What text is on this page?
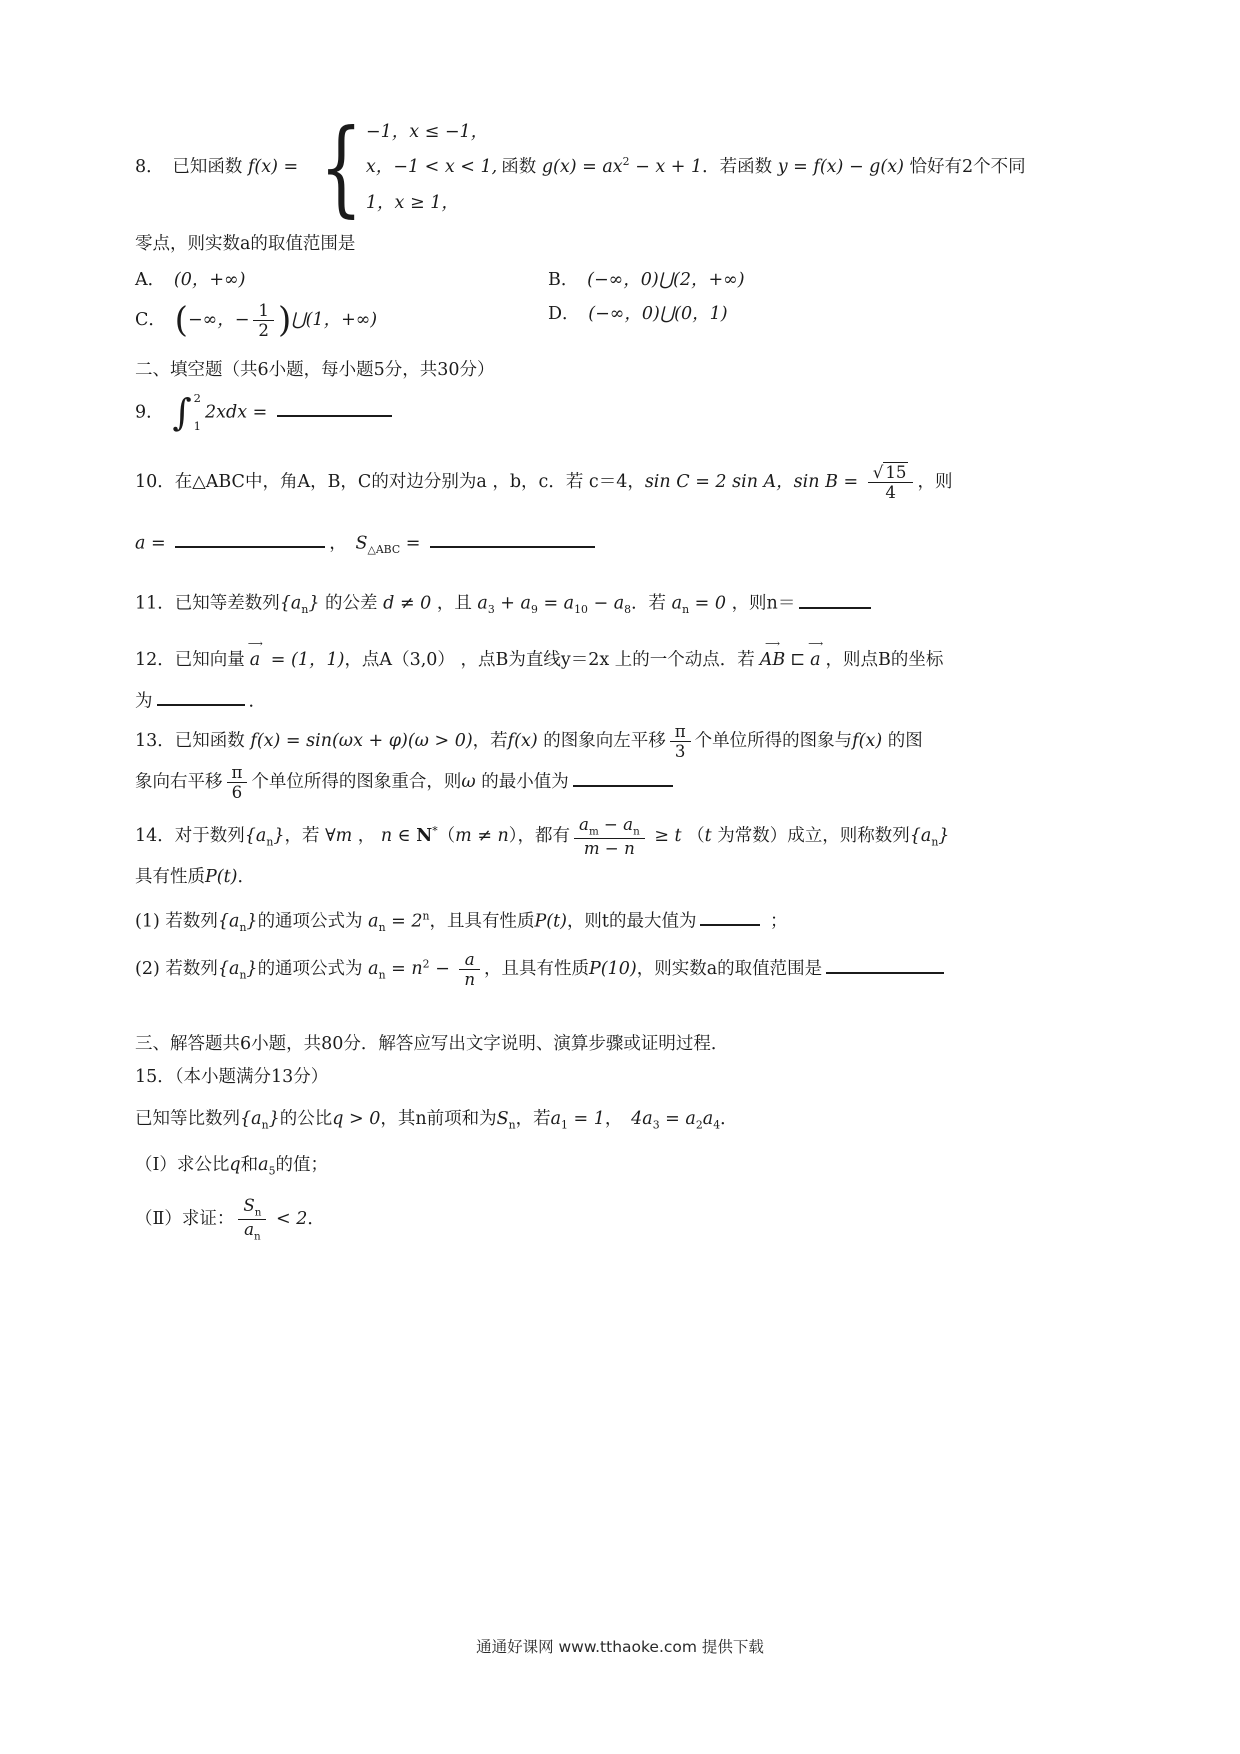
8．　已知函数 f(x) = { −1，x ≤ −1，
x，−1 < x < 1,
1，x ≥ 1，
函数 $g(x) = ax^2 - x + 1$．若函数 y = f(x) − g(x) 恰好有2个不同
零点，则实数a的取值范围是
A．　(0，+∞)	B．　(−∞，0)⋃(2，+∞)
C．　(−∞，− $\frac{1}{2}$ )⋃(1，+∞)	D．　(−∞，0)⋃(0，1)
二、填空题（共6小题，每小题5分，共30分）
9．　 ∫ 2
1
2xdx =
10．在△ABC中，角A，B，C的对边分别为a ，b，c．若 c＝4，sin C = 2 sin A，$\sin B = \frac{√ 15}{4}$ ，则
a =	，　$S_{\triangle ABC}$ =
11．已知等差数列$\{a_n\}$ 的公差 d ≠ 0 ，且 $a_3 + a_9 = a_{10} - a_8$．若 $a_n = 0$ ，则n＝
12．已知向量 a ⟶ = (1，1)，点A（3,0） ，点B为直线y＝2x 上的一个动点．若 AB ⟶ ⊏ a ⟶ ，则点B的坐标
为	．
13．已知函数 f(x) = sin(ωx + φ)(ω > 0)，若f(x) 的图象向左平移 $\frac{\pi}{3}$ 个单位所得的图象与f(x) 的图
象向右平移 $\frac{\pi}{6}$ 个单位所得的图象重合，则ω 的最小值为
14．对于数列$\{a_n\}$，若 ∀m ， n ∈ N*（m ≠ n），都有 $\frac{a_m - a_n}{m - n} \ge t$ （t 为常数）成立，则称数列$\{a_n\}$
具有性质P(t)．
(1) 若数列$\{a_n\}$的通项公式为 $a_n = 2^n$，且具有性质P(t)，则t的最大值为	；
(2) 若数列$\{a_n\}$的通项公式为 $a_n = n^2 - \frac{a}{n}$ ，且具有性质P(10)，则实数a的取值范围是
三、解答题共6小题，共80分．解答应写出文字说明、演算步骤或证明过程．
15．（本小题满分13分）
已知等比数列$\{a_n\}$的公比q > 0，其n前项和为$S_n$，若$a_1 = 1$，　$4a_3 = a_2a_4$．
（Ⅰ）求公比q和$a_5$的值；
（Ⅱ）求证： $\frac{S_n}{a_n} < 2$．
通通好课网 www.tthaoke.com 提供下载
